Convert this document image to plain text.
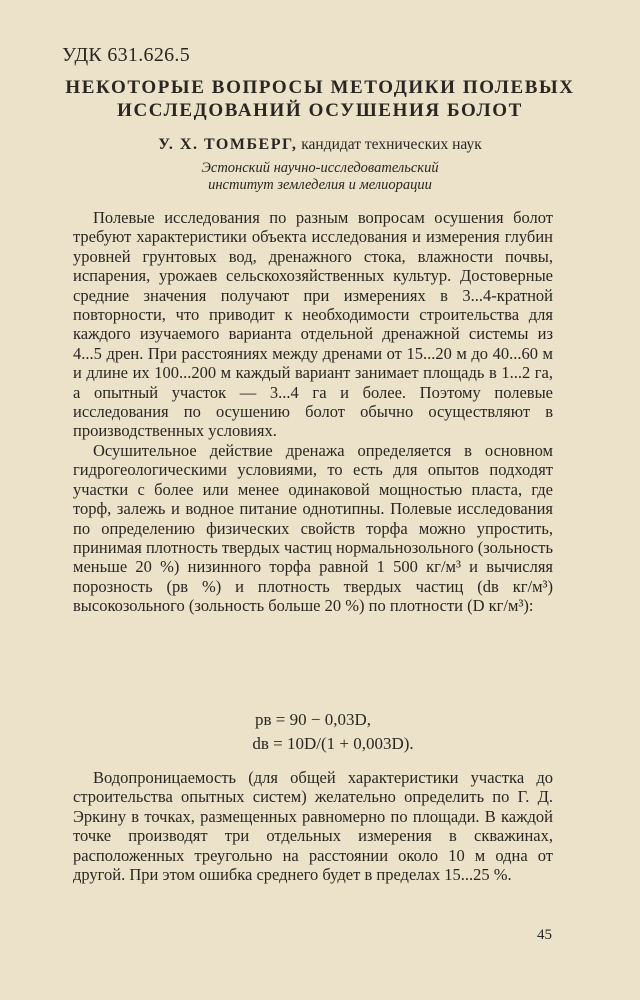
УДК 631.626.5
НЕКОТОРЫЕ ВОПРОСЫ МЕТОДИКИ ПОЛЕВЫХ
ИССЛЕДОВАНИЙ ОСУШЕНИЯ БОЛОТ
У. Х. ТОМБЕРГ, кандидат технических наук
Эстонский научно-исследовательский
институт земледелия и мелиорации

Полевые исследования по разным вопросам осушения болот требуют характеристики объекта исследования и измерения глубин уровней грунтовых вод, дренажного стока, влажности почвы, испарения, урожаев сельскохозяйственных культур. Достоверные средние значения получают при измерениях в 3...4-кратной повторности, что приводит к необходимости строительства для каждого изучаемого варианта отдельной дренажной системы из 4...5 дрен. При расстояниях между дренами от 15...20 м до 40...60 м и длине их 100...200 м каждый вариант занимает площадь в 1...2 га, а опытный участок — 3...4 га и более. Поэтому полевые исследования по осушению болот обычно осуществляют в производственных условиях.

Осушительное действие дренажа определяется в основном гидрогеологическими условиями, то есть для опытов подходят участки с более или менее одинаковой мощностью пласта, где торф, залежь и водное питание однотипны. Полевые исследования по определению физических свойств торфа можно упростить, принимая плотность твердых частиц нормальнозольного (зольность меньше 20 %) низинного торфа равной 1 500 кг/м³ и вычисляя порозность (pв %) и плотность твердых частиц (dв кг/м³) высокозольного (зольность больше 20 %) по плотности (D кг/м³):

pв = 90 − 0,03D,
dв = 10D/(1 + 0,003D).

Водопроницаемость (для общей характеристики участка до строительства опытных систем) желательно определить по Г. Д. Эркину в точках, размещенных равномерно по площади. В каждой точке производят три отдельных измерения в скважинах, расположенных треугольно на расстоянии около 10 м одна от другой. При этом ошибка среднего будет в пределах 15...25 %.

45
